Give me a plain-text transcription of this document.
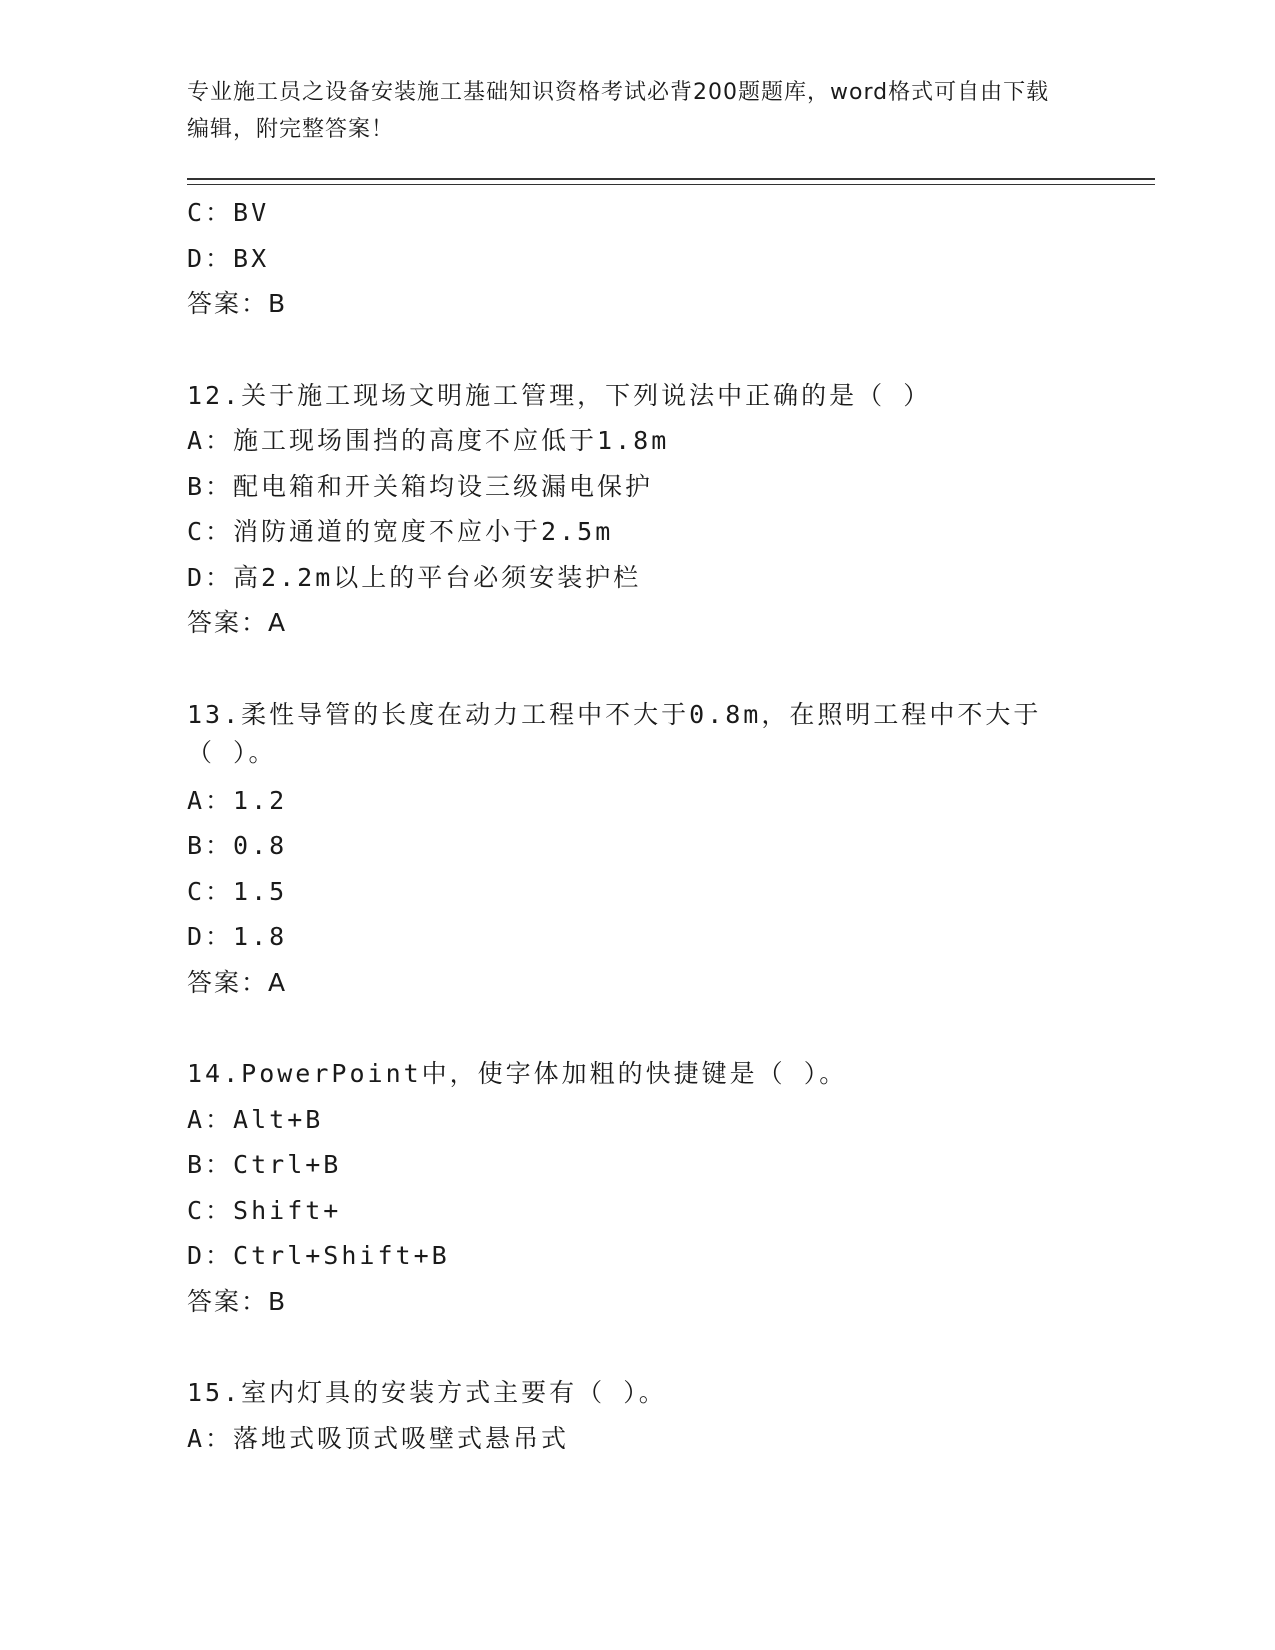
专业施工员之设备安装施工基础知识资格考试必背200题题库，word格式可自由下载编辑，附完整答案！
C：BV
D：BX
答案：B
12.关于施工现场文明施工管理，下列说法中正确的是（ ）
A：施工现场围挡的高度不应低于1.8m
B：配电箱和开关箱均设三级漏电保护
C：消防通道的宽度不应小于2.5m
D：高2.2m以上的平台必须安装护栏
答案：A
13.柔性导管的长度在动力工程中不大于0.8m，在照明工程中不大于（ ）。
A：1.2
B：0.8
C：1.5
D：1.8
答案：A
14.PowerPoint中，使字体加粗的快捷键是（ ）。
A：Alt+B
B：Ctrl+B
C：Shift+
D：Ctrl+Shift+B
答案：B
15.室内灯具的安装方式主要有（ ）。
A：落地式吸顶式吸壁式悬吊式
